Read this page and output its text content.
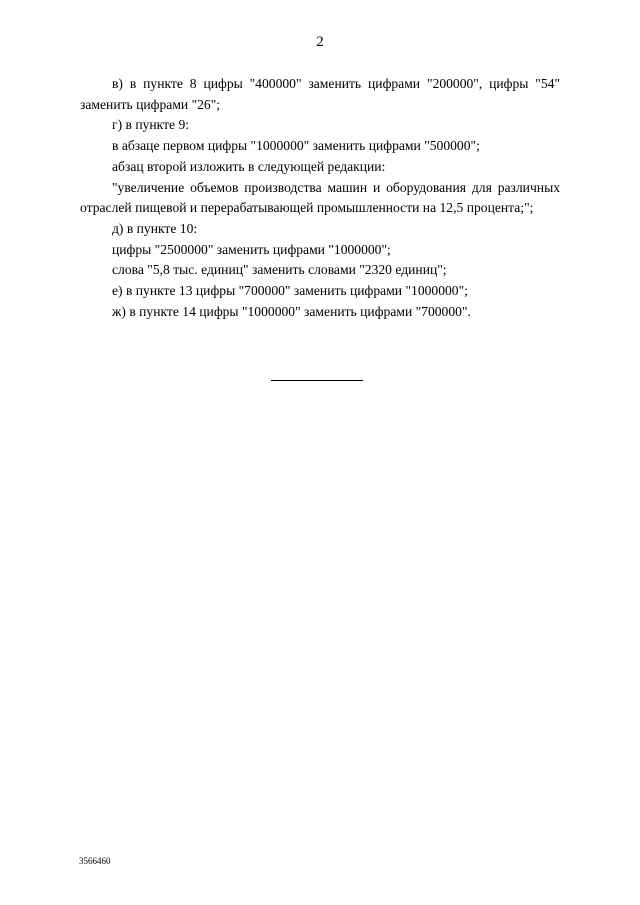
2

в) в пункте 8 цифры "400000" заменить цифрами "200000", цифры "54" заменить цифрами "26";

г) в пункте 9:

в абзаце первом цифры "1000000" заменить цифрами "500000";

абзац второй изложить в следующей редакции:

"увеличение объемов производства машин и оборудования для различных отраслей пищевой и перерабатывающей промышленности на 12,5 процента;";

д) в пункте 10:

цифры "2500000" заменить цифрами "1000000";

слова "5,8 тыс. единиц" заменить словами "2320 единиц";

е) в пункте 13 цифры "700000" заменить цифрами "1000000";

ж) в пункте 14 цифры "1000000" заменить цифрами "700000".

3566460
